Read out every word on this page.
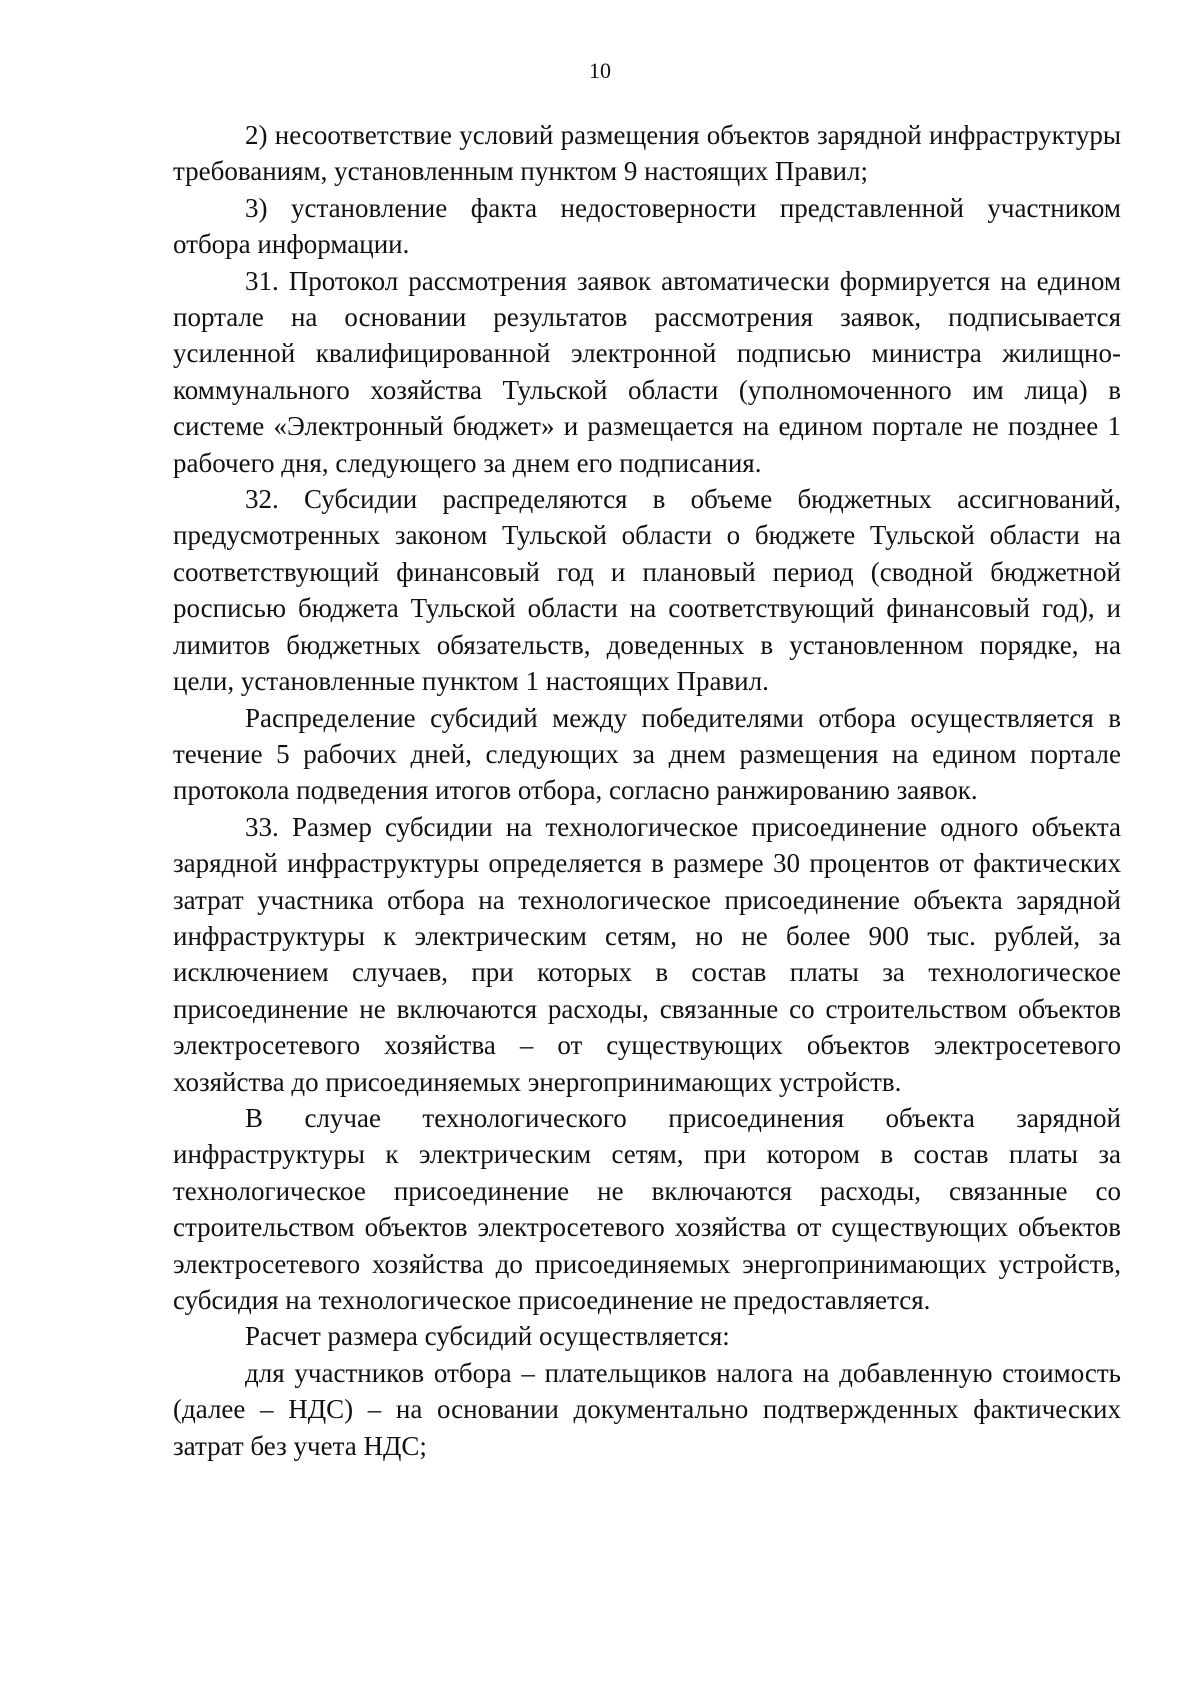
10

2) несоответствие условий размещения объектов зарядной инфраструктуры требованиям, установленным пунктом 9 настоящих Правил;

3) установление факта недостоверности представленной участником отбора информации.

31. Протокол рассмотрения заявок автоматически формируется на едином портале на основании результатов рассмотрения заявок, подписывается усиленной квалифицированной электронной подписью министра жилищно-коммунального хозяйства Тульской области (уполномоченного им лица) в системе «Электронный бюджет» и размещается на едином портале не позднее 1 рабочего дня, следующего за днем его подписания.

32. Субсидии распределяются в объеме бюджетных ассигнований, предусмотренных законом Тульской области о бюджете Тульской области на соответствующий финансовый год и плановый период (сводной бюджетной росписью бюджета Тульской области на соответствующий финансовый год), и лимитов бюджетных обязательств, доведенных в установленном порядке, на цели, установленные пунктом 1 настоящих Правил.

Распределение субсидий между победителями отбора осуществляется в течение 5 рабочих дней, следующих за днем размещения на едином портале протокола подведения итогов отбора, согласно ранжированию заявок.

33. Размер субсидии на технологическое присоединение одного объекта зарядной инфраструктуры определяется в размере 30 процентов от фактических затрат участника отбора на технологическое присоединение объекта зарядной инфраструктуры к электрическим сетям, но не более 900 тыс. рублей, за исключением случаев, при которых в состав платы за технологическое присоединение не включаются расходы, связанные со строительством объектов электросетевого хозяйства – от существующих объектов электросетевого хозяйства до присоединяемых энергопринимающих устройств.

В случае технологического присоединения объекта зарядной инфраструктуры к электрическим сетям, при котором в состав платы за технологическое присоединение не включаются расходы, связанные со строительством объектов электросетевого хозяйства от существующих объектов электросетевого хозяйства до присоединяемых энергопринимающих устройств, субсидия на технологическое присоединение не предоставляется.

Расчет размера субсидий осуществляется:

для участников отбора – плательщиков налога на добавленную стоимость (далее – НДС) – на основании документально подтвержденных фактических затрат без учета НДС;
